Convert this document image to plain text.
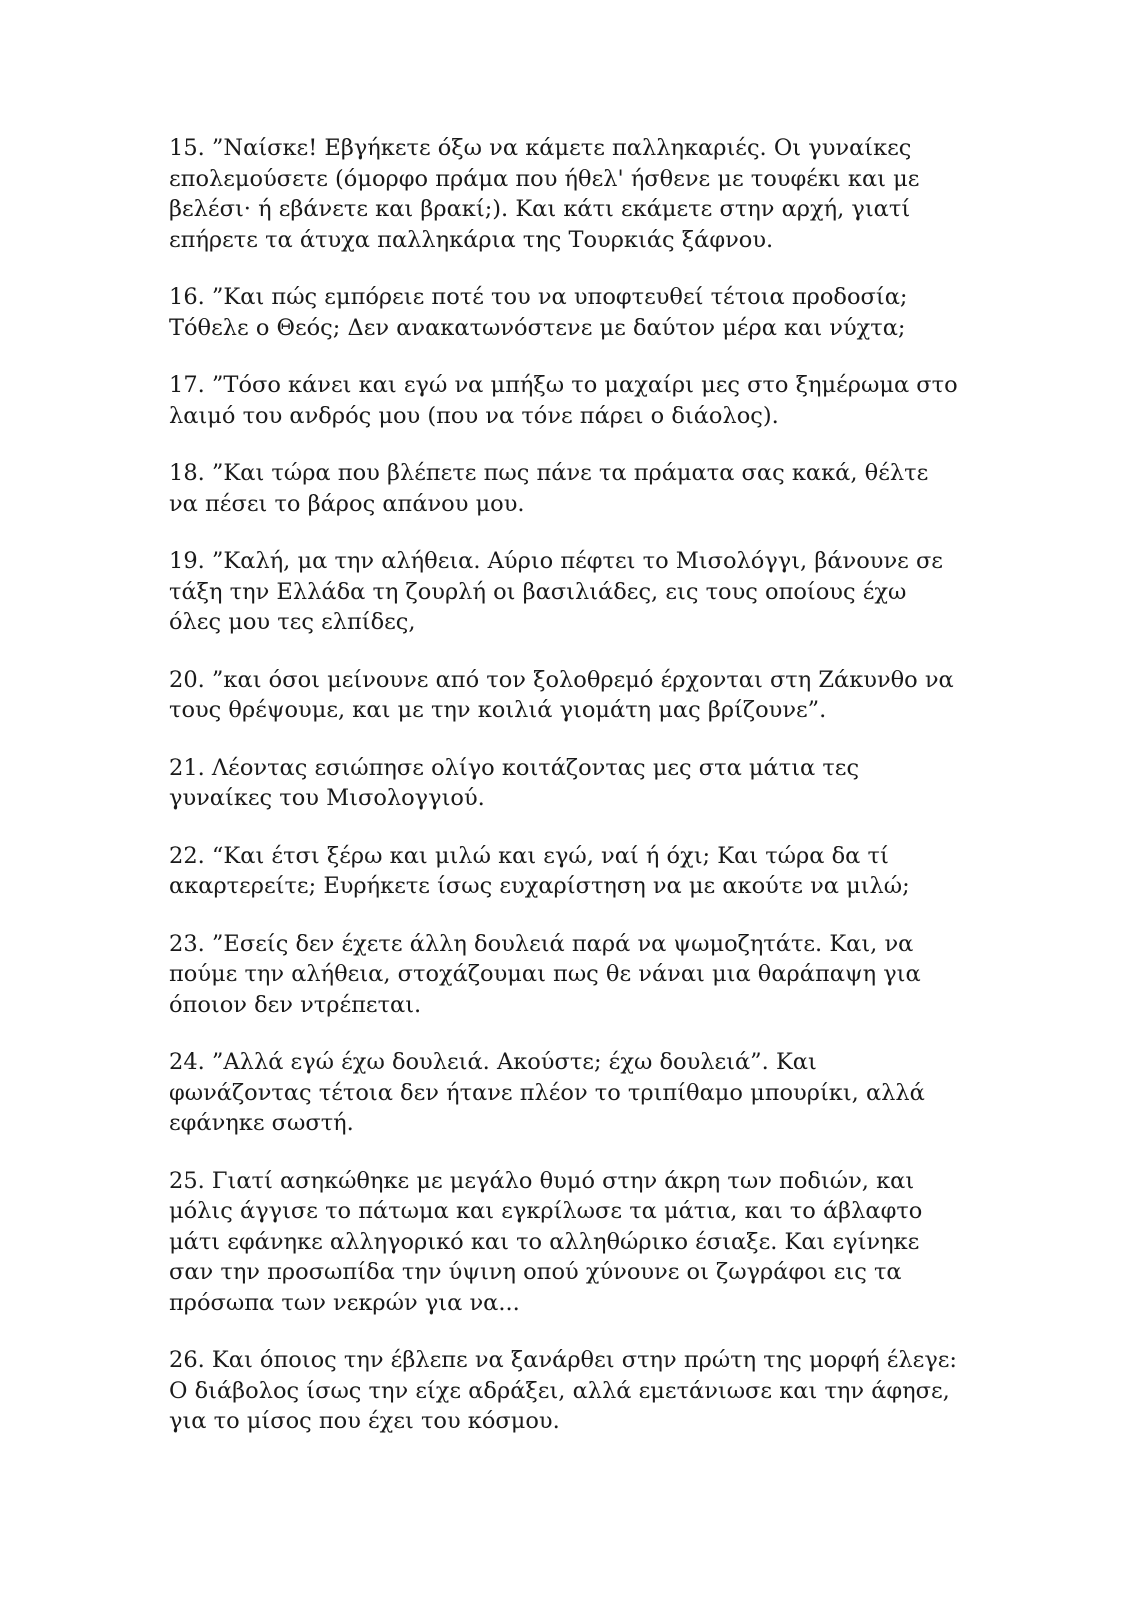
15. ”Ναίσκε! Εβγήκετε όξω να κάμετε παλληκαριές. Οι γυναίκες επολεμούσετε (όμορφο πράμα που ήθελ' ήσθενε με τουφέκι και με βελέσι· ή εβάνετε και βρακί;). Και κάτι εκάμετε στην αρχή, γιατί επήρετε τα άτυχα παλληκάρια της Τουρκιάς ξάφνου.

16. ”Και πώς εμπόρειε ποτέ του να υποφτευθεί τέτοια προδοσία; Τόθελε ο Θεός; Δεν ανακατωνόστενε με δαύτον μέρα και νύχτα;

17. ”Τόσο κάνει και εγώ να μπήξω το μαχαίρι μες στο ξημέρωμα στο λαιμό του ανδρός μου (που να τόνε πάρει ο διάολος).

18. ”Και τώρα που βλέπετε πως πάνε τα πράματα σας κακά, θέλτε να πέσει το βάρος απάνου μου.

19. ”Καλή, μα την αλήθεια. Αύριο πέφτει το Μισολόγγι, βάνουνε σε τάξη την Ελλάδα τη ζουρλή οι βασιλιάδες, εις τους οποίους έχω όλες μου τες ελπίδες,

20. ”και όσοι μείνουνε από τον ξολοθρεμό έρχονται στη Ζάκυνθο να τους θρέψουμε, και με την κοιλιά γιομάτη μας βρίζουνε”.

21. Λέοντας εσιώπησε ολίγο κοιτάζοντας μες στα μάτια τες γυναίκες του Μισολογγιού.

22. “Και έτσι ξέρω και μιλώ και εγώ, ναί ή όχι; Και τώρα δα τί ακαρτερείτε; Ευρήκετε ίσως ευχαρίστηση να με ακούτε να μιλώ;

23. ”Εσείς δεν έχετε άλλη δουλειά παρά να ψωμοζητάτε. Και, να πούμε την αλήθεια, στοχάζουμαι πως θε νάναι μια θαράπαψη για όποιον δεν ντρέπεται.

24. ”Αλλά εγώ έχω δουλειά. Ακούστε; έχω δουλειά”. Και φωνάζοντας τέτοια δεν ήτανε πλέον το τριπίθαμο μπουρίκι, αλλά εφάνηκε σωστή.

25. Γιατί ασηκώθηκε με μεγάλο θυμό στην άκρη των ποδιών, και μόλις άγγισε το πάτωμα και εγκρίλωσε τα μάτια, και το άβλαφτο μάτι εφάνηκε αλληγορικό και το αλληθώρικο έσιαξε. Και εγίνηκε σαν την προσωπίδα την ύψινη οπού χύνουνε οι ζωγράφοι εις τα πρόσωπα των νεκρών για να...

26. Και όποιος την έβλεπε να ξανάρθει στην πρώτη της μορφή έλεγε: Ο διάβολος ίσως την είχε αδράξει, αλλά εμετάνιωσε και την άφησε, για το μίσος που έχει του κόσμου.
